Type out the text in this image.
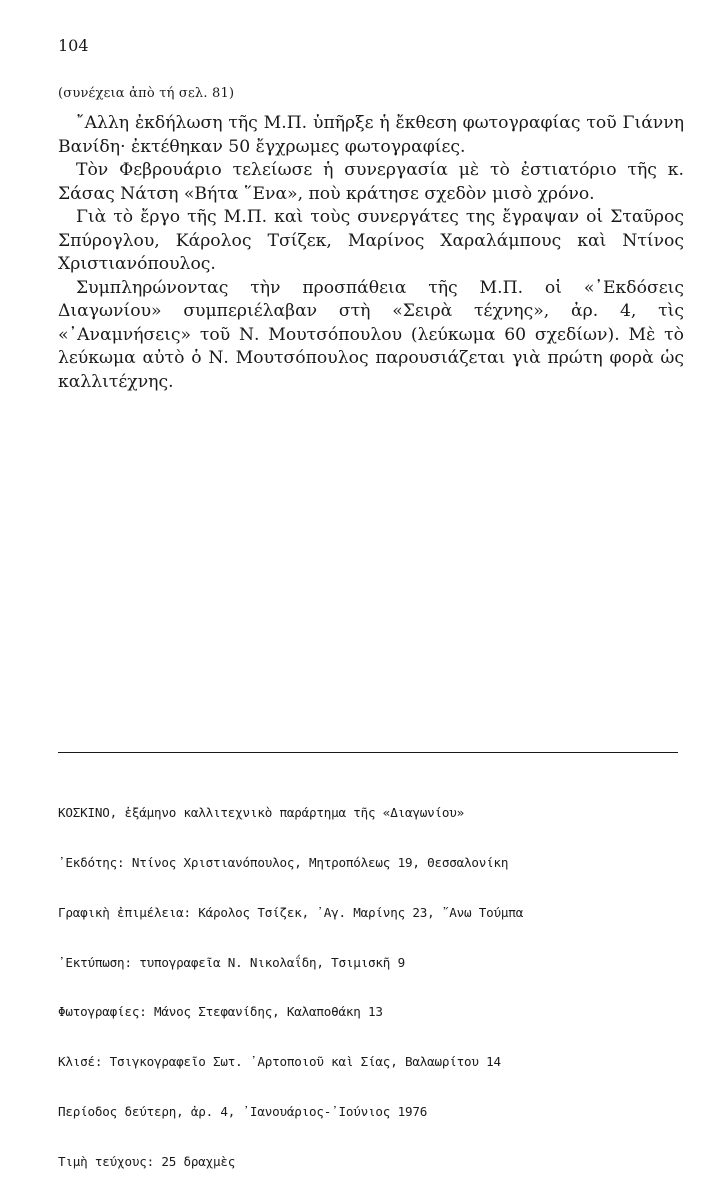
104
(συνέχεια ἀπὸ τή σελ. 81)

῎Αλλη ἐκδήλωση τῆς Μ.Π. ὑπῆρξε ἡ ἔκθεση φωτογραφίας τοῦ Γιάννη Βανίδη· ἐκτέθηκαν 50 ἔγχρωμες φωτογραφίες.

Τὸν Φεβρουάριο τελείωσε ἡ συνεργασία μὲ τὸ ἐστιατόριο τῆς κ. Σάσας Νάτση «Βήτα ῞Ενα», ποὺ κράτησε σχεδὸν μισὸ χρόνο.

Γιὰ τὸ ἔργο τῆς Μ.Π. καὶ τοὺς συνεργάτες της ἔγραψαν οἱ Σταῦρος Σπύρογλου, Κάρολος Τσίζεκ, Μαρίνος Χαραλάμπους καὶ Ντίνος Χριστιανόπουλος.

Συμπληρώνοντας τὴν προσπάθεια τῆς Μ.Π. οἱ «᾿Εκδόσεις Διαγωνίου» συμπεριέλαβαν στὴ «Σειρὰ τέχνης», ἀρ. 4, τὶς «᾿Αναμνήσεις» τοῦ Ν. Μουτσόπουλου (λεύκωμα 60 σχεδίων). Μὲ τὸ λεύκωμα αὐτὸ ὁ Ν. Μουτσόπουλος παρουσιάζεται γιὰ πρώτη φορὰ ὡς καλλιτέχνης.

ΚΟΣΚΙΝΟ, ἑξάμηνο καλλιτεχνικὸ παράρτημα τῆς «Διαγωνίου»

᾿Εκδότης: Ντίνος Χριστιανόπουλος, Μητροπόλεως 19, Θεσσαλονίκη

Γραφικὴ ἐπιμέλεια: Κάρολος Τσίζεκ, ᾿Αγ. Μαρίνης 23, ῎Ανω Τούμπα

᾿Εκτύπωση: τυπογραφεῖα Ν. Νικολαΐδη, Τσιμισκῆ 9

Φωτογραφίες: Μάνος Στεφανίδης, Καλαποθάκη 13

Κλισέ: Τσιγκογραφεῖο Σωτ. ᾿Αρτοποιοῦ καὶ Σίας, Βαλαωρίτου 14

Περίοδος δεύτερη, ἀρ. 4, ᾿Ιανουάριος-᾿Ιούνιος 1976

Τιμὴ τεύχους: 25 δραχμὲς
